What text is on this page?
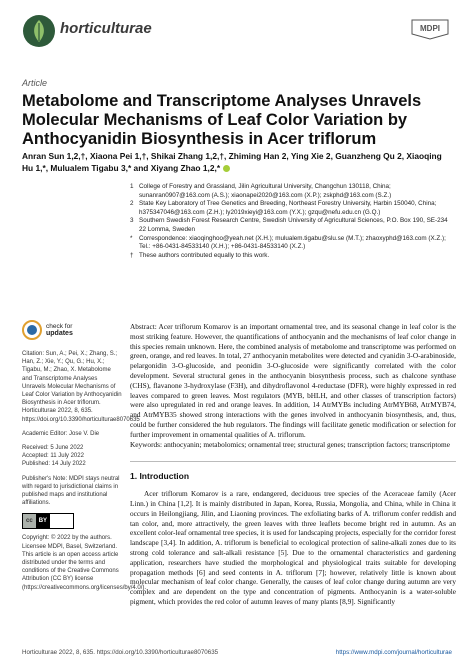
horticulturae	MDPI
Article
Metabolome and Transcriptome Analyses Unravels Molecular Mechanisms of Leaf Color Variation by Anthocyanidin Biosynthesis in Acer triflorum
Anran Sun 1,2,†, Xiaona Pei 1,†, Shikai Zhang 1,2,†, Zhiming Han 2, Ying Xie 2, Guanzheng Qu 2, Xiaoqing Hu 1,*, Mulualem Tigabu 3,* and Xiyang Zhao 1,2,*
1 College of Forestry and Grassland, Jilin Agricultural University, Changchun 130118, China; sunanran0907@163.com (A.S.); xiaonapei2020@163.com (X.P.); zskphd@163.com (S.Z.)
2 State Key Laboratory of Tree Genetics and Breeding, Northeast Forestry University, Harbin 150040, China; h375347046@163.com (Z.H.); ly2019xieyi@163.com (Y.X.); gzqu@nefu.edu.cn (G.Q.)
3 Southern Swedish Forest Research Centre, Swedish University of Agricultural Sciences, P.O. Box 190, SE-234 22 Lomma, Sweden
*	Correspondence: xiaoqinghoo@yeah.net (X.H.); mulualem.tigabu@slu.se (M.T.); zhaoxyphd@163.com (X.Z.); Tel.: +86-0431-84533140 (X.H.); +86-0431-84533140 (X.Z.)
† These authors contributed equally to this work.
check for
updates
Citation: Sun, A.; Pei, X.; Zhang, S.; Han, Z.; Xie, Y.; Qu, G.; Hu, X.; Tigabu, M.; Zhao, X. Metabolome and Transcriptome Analyses Unravels Molecular Mechanisms of Leaf Color Variation by Anthocyanidin Biosynthesis in Acer triflorum. Horticulturae 2022, 8, 635. https://doi.org/10.3390/horticulturae8070635
Academic Editor: Jose V. Die
Received: 5 June 2022
Accepted: 11 July 2022
Published: 14 July 2022
Publisher's Note: MDPI stays neutral with regard to jurisdictional claims in published maps and institutional affiliations.
cc	BY
Copyright: © 2022 by the authors. Licensee MDPI, Basel, Switzerland. This article is an open access article distributed under the terms and conditions of the Creative Commons Attribution (CC BY) license (https://creativecommons.org/licenses/by/4.0/).

Abstract: Acer triflorum Komarov is an important ornamental tree, and its seasonal change in leaf color is the most striking feature. However, the quantifications of anthocyanin and the mechanisms of leaf color change in this species remain unknown. Here, the combined analysis of metabolome and transcriptome was performed on green, orange, and red leaves. In total, 27 anthocyanin metabolites were detected and cyanidin 3-O-arabinoside, pelargonidin 3-O-glucoside, and peonidin 3-O-glucoside were significantly correlated with the color development. Several structural genes in the anthocyanin biosynthesis process, such as chalcone synthase (CHS), flavanone 3-hydroxylase (F3H), and dihydroflavonol 4-reductase (DFR), were highly expressed in red leaves compared to green leaves. Most regulators (MYB, bHLH, and other classes of transcription factors) were also upregulated in red and orange leaves. In addition, 14 AtrMYBs including AtrMYB68, AtrMYB74, and AtrMYB35 showed strong interactions with the genes involved in anthocyanin biosynthesis, and, thus, could be further considered the hub regulators. The findings will facilitate genetic modification or selection for further improvement in ornamental qualities of A. triflorum.

Keywords: anthocyanin; metabolomics; ornamental tree; structural genes; transcription factors; transcriptome

1. Introduction

Acer triflorum Komarov is a rare, endangered, deciduous tree species of the Aceraceae family (Acer Linn.) in China [1,2]. It is mainly distributed in Japan, Korea, Russia, Mongolia, and China, while in China it occurs in Heilongjiang, Jilin, and Liaoning provinces. The exfoliating barks of A. triflorum confer reddish and tan color, and, more attractively, the green leaves with three leaflets become bright red in autumn. As an excellent color-leaf ornamental tree species, it is used for landscaping projects, especially for the corridor forest landscape [3,4]. In addition, A. triflorum is beneficial to ecological protection of saline-alkali zones due to its strong cold tolerance and salt-alkali resistance [5]. Due to the ornamental characteristics and gardening application, researchers have studied the morphological and physiological traits suitable for developing propagation methods [6] and seed contents in A. triflorum [7]; however, relatively little is known about molecular mechanism of leaf color change. Generally, the causes of leaf color change during autumn are very complex and are dependent on the type and concentration of pigments. Anthocyanin is a water-soluble pigment, which provides the red color of autumn leaves of many plants [8,9]. Significantly

Horticulturae 2022, 8, 635. https://doi.org/10.3390/horticulturae8070635	https://www.mdpi.com/journal/horticulturae
